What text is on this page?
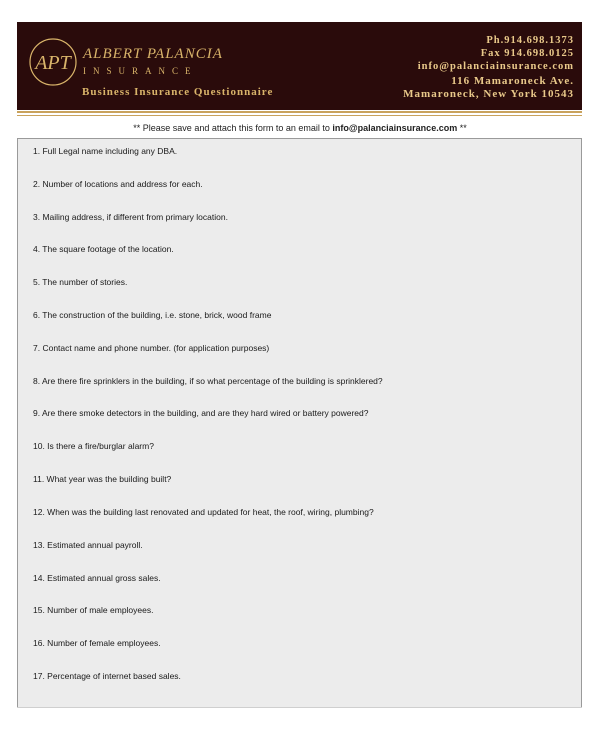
APT ALBERT PALANCIA
INSURANCE
Business Insurance Questionnaire
Ph.914.698.1373
Fax 914.698.0125
info@palanciainsurance.com
116 Mamaroneck Ave.
Mamaroneck, New York 10543
** Please save and attach this form to an email to info@palanciainsurance.com **
1. Full Legal name including any DBA.
2. Number of locations and address for each.
3. Mailing address, if different from primary location.
4. The square footage of the location.
5. The number of stories.
6. The construction of the building, i.e. stone, brick, wood frame
7. Contact name and phone number. (for application purposes)
8. Are there fire sprinklers in the building, if so what percentage of the building is sprinklered?
9. Are there smoke detectors in the building, and are they hard wired or battery powered?
10. Is there a fire/burglar alarm?
11. What year was the building built?
12. When was the building last renovated and updated for heat, the roof, wiring, plumbing?
13. Estimated annual payroll.
14. Estimated annual gross sales.
15. Number of male employees.
16. Number of female employees.
17. Percentage of internet based sales.
